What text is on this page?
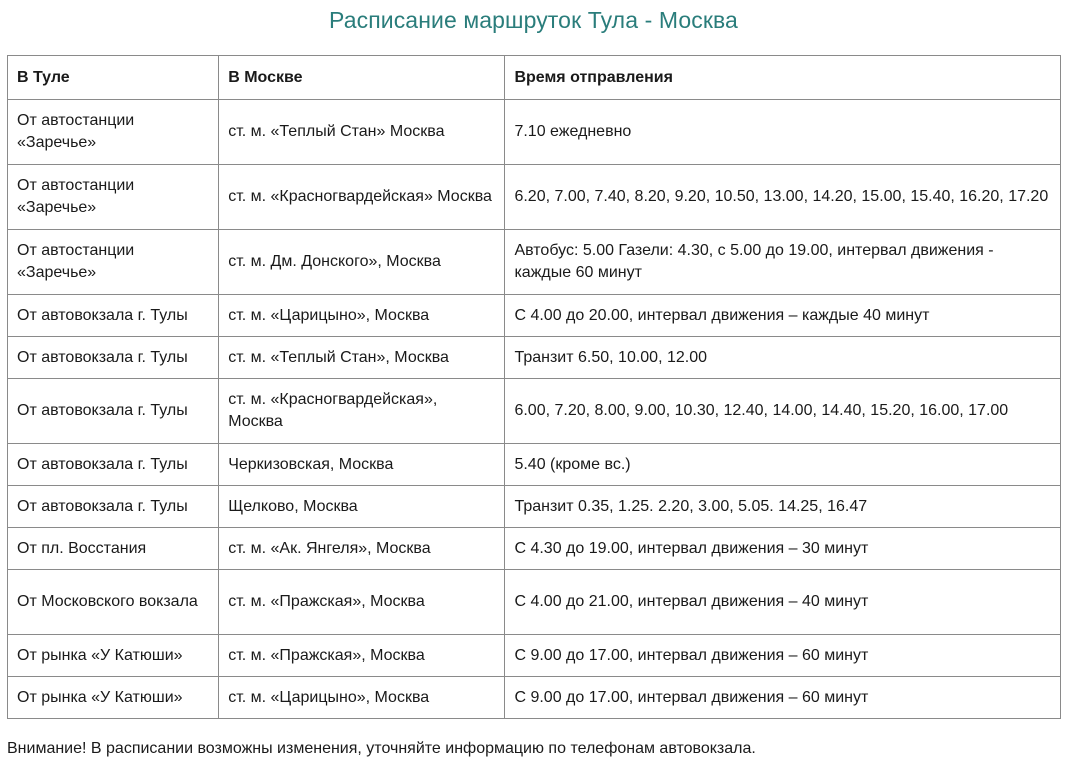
Расписание маршруток Тула - Москва
В Туле	В Москве	Время отправления
От автостанции «Заречье»	ст. м. «Теплый Стан» Москва	7.10 ежедневно
От автостанции «Заречье»	ст. м. «Красногвардейская» Москва	6.20, 7.00, 7.40, 8.20, 9.20, 10.50, 13.00, 14.20, 15.00, 15.40, 16.20, 17.20
От автостанции «Заречье»	ст. м. Дм. Донского», Москва	Автобус: 5.00 Газели: 4.30, с 5.00 до 19.00, интервал движения - каждые 60 минут
От автовокзала г. Тулы	ст. м. «Царицыно», Москва	С 4.00 до 20.00, интервал движения – каждые 40 минут
От автовокзала г. Тулы	ст. м. «Теплый Стан», Москва	Транзит 6.50, 10.00, 12.00
От автовокзала г. Тулы	ст. м. «Красногвардейская», Москва	6.00, 7.20, 8.00, 9.00, 10.30, 12.40, 14.00, 14.40, 15.20, 16.00, 17.00
От автовокзала г. Тулы	Черкизовская, Москва	5.40 (кроме вс.)
От автовокзала г. Тулы	Щелково, Москва	Транзит 0.35, 1.25. 2.20, 3.00, 5.05. 14.25, 16.47
От пл. Восстания	ст. м. «Ак. Янгеля», Москва	С 4.30 до 19.00, интервал движения – 30 минут
От Московского вокзала	ст. м. «Пражская», Москва	С 4.00 до 21.00, интервал движения – 40 минут
От рынка «У Катюши»	ст. м. «Пражская», Москва	С 9.00 до 17.00, интервал движения – 60 минут
От рынка «У Катюши»	ст. м. «Царицыно», Москва	С 9.00 до 17.00, интервал движения – 60 минут

Внимание! В расписании возможны изменения, уточняйте информацию по телефонам автовокзала.
